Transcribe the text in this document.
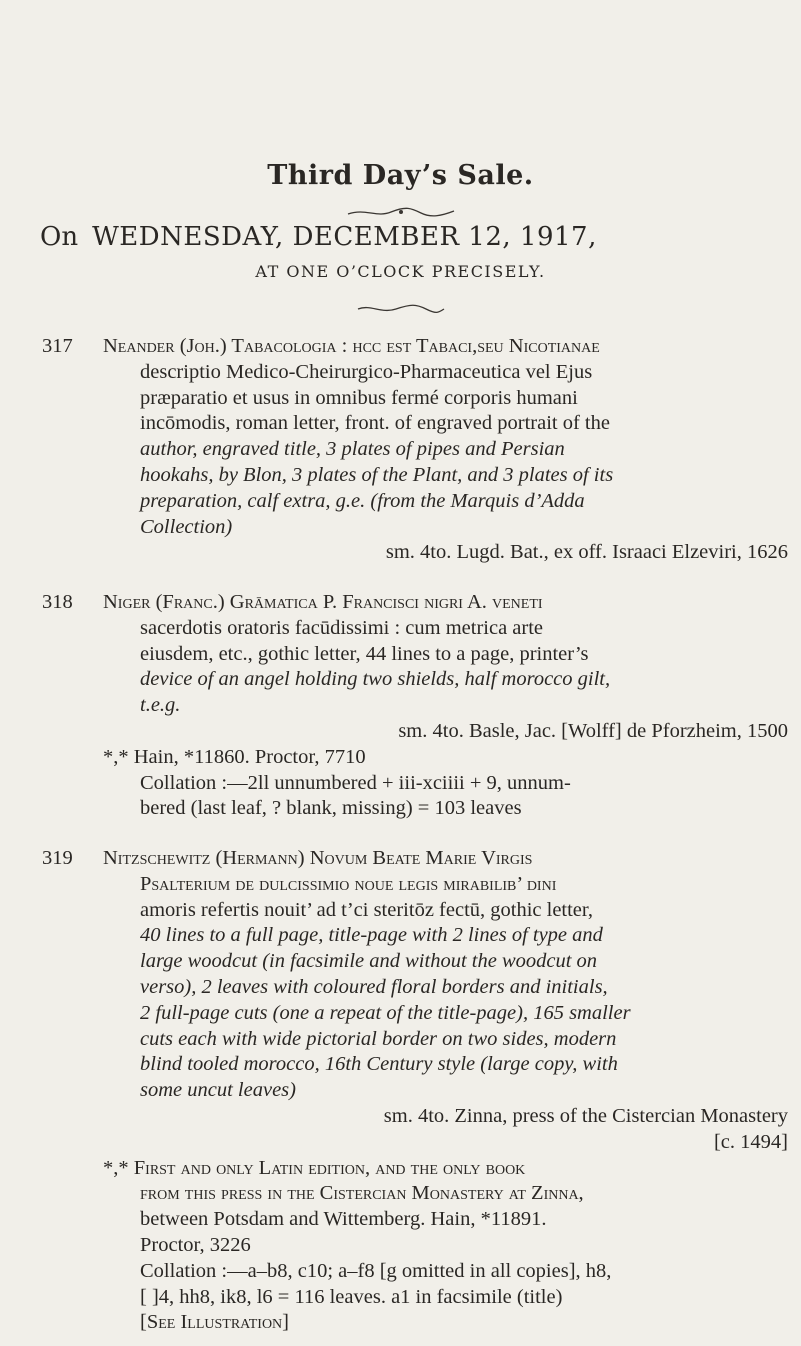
Third Day’s Sale.
On WEDNESDAY, DECEMBER 12, 1917,
AT ONE O’CLOCK PRECISELY.
317 Neander (Joh.) Tabacologia : hcc est Tabaci,seu Nicotianae
descriptio Medico-Cheirurgico-Pharmaceutica vel Ejus
præparatio et usus in omnibus fermé corporis humani
incōmodis, roman letter, front. of engraved portrait of the
author, engraved title, 3 plates of pipes and Persian
hookahs, by Blon, 3 plates of the Plant, and 3 plates of its
preparation, calf extra, g.e. (from the Marquis d’Adda
Collection)
sm. 4to. Lugd. Bat., ex off. Israaci Elzeviri, 1626
318 Niger (Franc.) Grāmatica P. Francisci nigri A. veneti
sacerdotis oratoris facūdissimi : cum metrica arte
eiusdem, etc., gothic letter, 44 lines to a page, printer’s
device of an angel holding two shields, half morocco gilt,
t.e.g.
sm. 4to. Basle, Jac. [Wolff] de Pforzheim, 1500
*,* Hain, *11860. Proctor, 7710
Collation :—2ll unnumbered + iii-xciiii + 9, unnum-
bered (last leaf, ? blank, missing) = 103 leaves
319 Nitzschewitz (Hermann) Novum Beate Marie Virgis
Psalterium de dulcissimio noue legis mirabilib’ dini
amoris refertis nouit’ ad t’ci steritōz fectū, gothic letter,
40 lines to a full page, title-page with 2 lines of type and
large woodcut (in facsimile and without the woodcut on
verso), 2 leaves with coloured floral borders and initials,
2 full-page cuts (one a repeat of the title-page), 165 smaller
cuts each with wide pictorial border on two sides, modern
blind tooled morocco, 16th Century style (large copy, with
some uncut leaves)
sm. 4to. Zinna, press of the Cistercian Monastery
[c. 1494]
*,* First and only Latin edition, and the only book
from this press in the Cistercian Monastery at Zinna,
between Potsdam and Wittemberg. Hain, *11891.
Proctor, 3226
Collation :—a–b8, c10; a–f8 [g omitted in all copies], h8,
[ ]4, hh8, ik8, l6 = 116 leaves. a1 in facsimile (title)
[See Illustration]
